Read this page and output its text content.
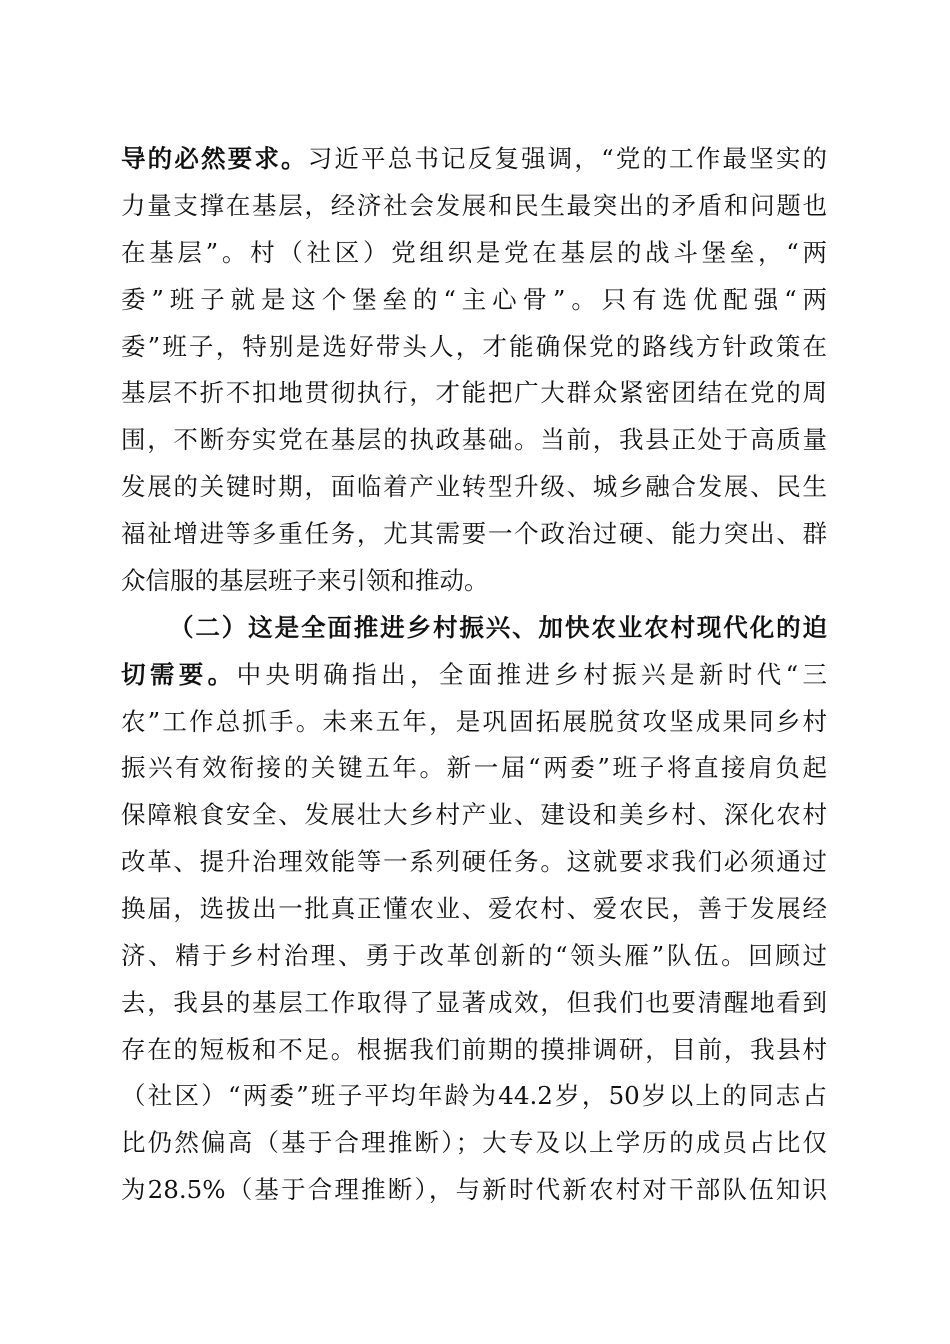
导的必然要求。习近平总书记反复强调，“党的工作最坚实的
力量支撑在基层，经济社会发展和民生最突出的矛盾和问题也
在基层”。村（社区）党组织是党在基层的战斗堡垒，“两
委”班子就是这个堡垒的“主心骨”。只有选优配强“两
委”班子，特别是选好带头人，才能确保党的路线方针政策在
基层不折不扣地贯彻执行，才能把广大群众紧密团结在党的周
围，不断夯实党在基层的执政基础。当前，我县正处于高质量
发展的关键时期，面临着产业转型升级、城乡融合发展、民生
福祉增进等多重任务，尤其需要一个政治过硬、能力突出、群
众信服的基层班子来引领和推动。
（二）这是全面推进乡村振兴、加快农业农村现代化的迫
切需要。中央明确指出，全面推进乡村振兴是新时代“三
农”工作总抓手。未来五年，是巩固拓展脱贫攻坚成果同乡村
振兴有效衔接的关键五年。新一届“两委”班子将直接肩负起
保障粮食安全、发展壮大乡村产业、建设和美乡村、深化农村
改革、提升治理效能等一系列硬任务。这就要求我们必须通过
换届，选拔出一批真正懂农业、爱农村、爱农民，善于发展经
济、精于乡村治理、勇于改革创新的“领头雁”队伍。回顾过
去，我县的基层工作取得了显著成效，但我们也要清醒地看到
存在的短板和不足。根据我们前期的摸排调研，目前，我县村
（社区）“两委”班子平均年龄为44.2岁，50岁以上的同志占
比仍然偏高（基于合理推断）；大专及以上学历的成员占比仅
为28.5%（基于合理推断），与新时代新农村对干部队伍知识
